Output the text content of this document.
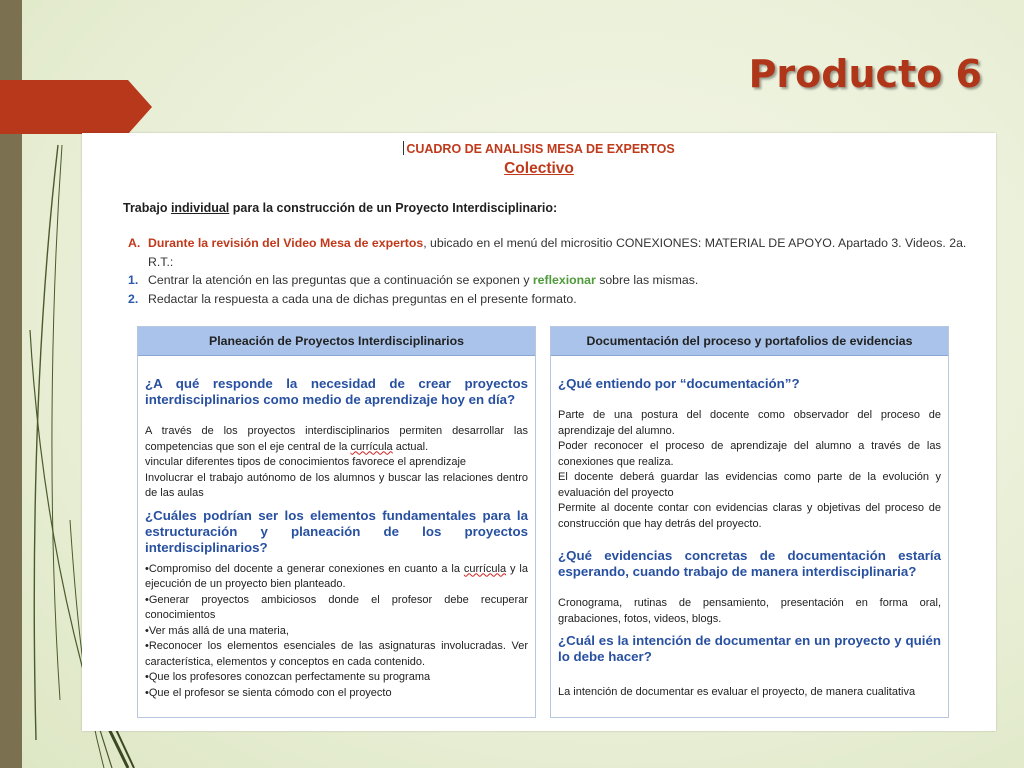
Producto 6
CUADRO DE ANALISIS MESA DE EXPERTOS
Colectivo
Trabajo individual para la construcción de un Proyecto Interdisciplinario:
A. Durante la revisión del Video Mesa de expertos, ubicado en el menú del micrositio CONEXIONES: MATERIAL DE APOYO. Apartado 3. Videos. 2a. R.T.:
1. Centrar la atención en las preguntas que a continuación se exponen y reflexionar sobre las mismas.
2. Redactar la respuesta a cada una de dichas preguntas en el presente formato.
Planeación de Proyectos Interdisciplinarios
¿A qué responde la necesidad de crear proyectos interdisciplinarios como medio de aprendizaje hoy en día?
A través de los proyectos interdisciplinarios permiten desarrollar las competencias que son el eje central de la currícula actual.
vincular diferentes tipos de conocimientos favorece el aprendizaje
Involucrar el trabajo autónomo de los alumnos y buscar las relaciones dentro de las aulas
¿Cuáles podrían ser los elementos fundamentales para la estructuración y planeación de los proyectos interdisciplinarios?
•Compromiso del docente a generar conexiones en cuanto a la currícula y la ejecución de un proyecto bien planteado.
•Generar proyectos ambiciosos donde el profesor debe recuperar conocimientos
•Ver más allá de una materia,
•Reconocer los elementos esenciales de las asignaturas involucradas. Ver característica, elementos y conceptos en cada contenido.
•Que los profesores conozcan perfectamente su programa
•Que el profesor se sienta cómodo con el proyecto
Documentación del proceso y portafolios de evidencias
¿Qué entiendo por “documentación”?
Parte de una postura del docente como observador del proceso de aprendizaje del alumno.
Poder reconocer el proceso de aprendizaje del alumno a través de las conexiones que realiza.
El docente deberá guardar las evidencias como parte de la evolución y evaluación del proyecto
Permite al docente contar con evidencias claras y objetivas del proceso de construcción que hay detrás del proyecto.
¿Qué evidencias concretas de documentación estaría esperando, cuando trabajo de manera interdisciplinaria?
Cronograma, rutinas de pensamiento, presentación en forma oral, grabaciones, fotos, videos, blogs.
¿Cuál es la intención de documentar en un proyecto y quién lo debe hacer?
La intención de documentar es evaluar el proyecto, de manera cualitativa
